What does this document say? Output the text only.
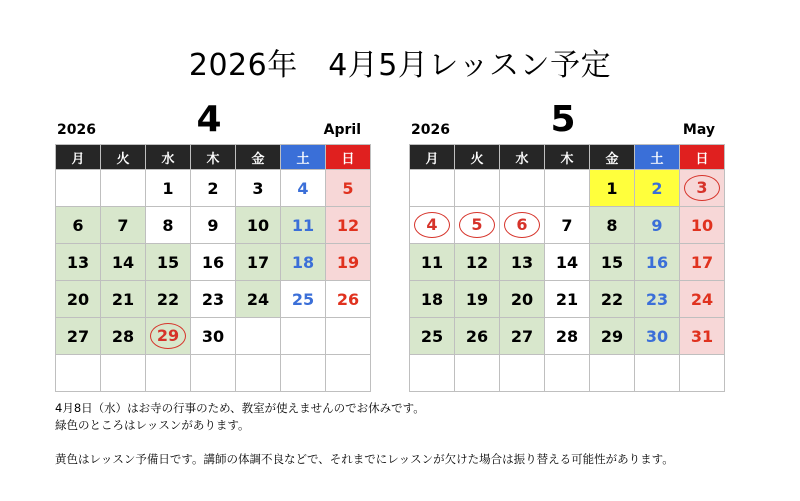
2026年　4月5月レッスン予定
2026	4	April
月	火	水	木	金	土	日
		1	2	3	4	5
6	7	8	9	10	11	12
13	14	15	16	17	18	19
20	21	22	23	24	25	26
27	28	29	30			

2026	5	May
月	火	水	木	金	土	日
				1	2	3
4	5	6	7	8	9	10
11	12	13	14	15	16	17
18	19	20	21	22	23	24
25	26	27	28	29	30	31

4月8日（水）はお寺の行事のため、教室が使えませんのでお休みです。

緑色のところはレッスンがあります。

黄色はレッスン予備日です。講師の体調不良などで、それまでにレッスンが欠けた場合は振り替える可能性があります。
